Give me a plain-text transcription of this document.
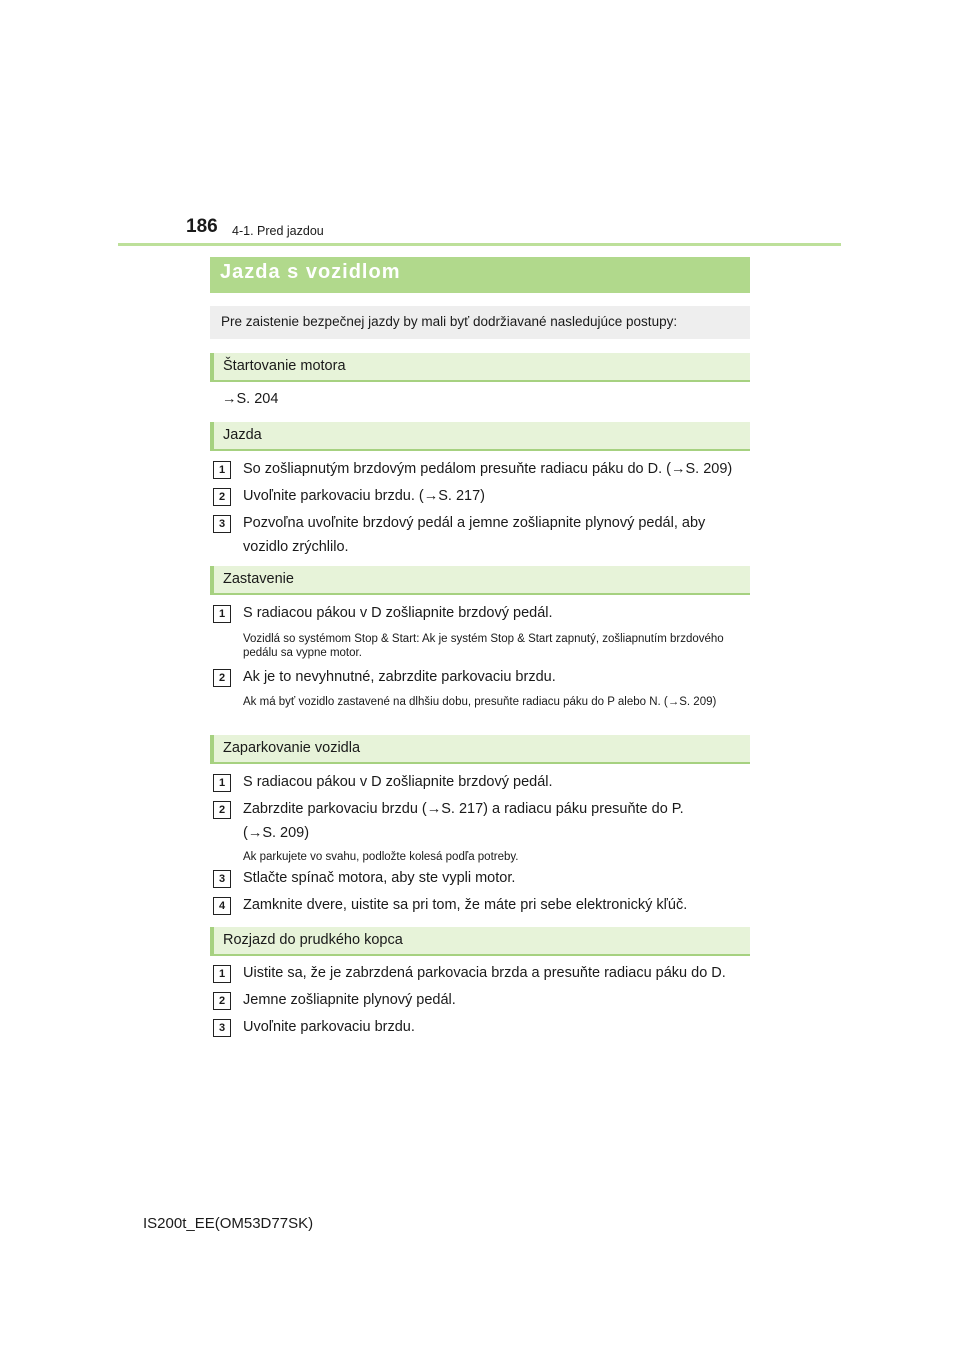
186 4-1. Pred jazdou
Jazda s vozidlom
Pre zaistenie bezpečnej jazdy by mali byť dodržiavané nasledujúce postupy:
Štartovanie motora
→S. 204
Jazda
1	So zošliapnutým brzdovým pedálom presuňte radiacu páku do D. (→S. 209)
2	Uvoľnite parkovaciu brzdu. (→S. 217)
3	Pozvoľna uvoľnite brzdový pedál a jemne zošliapnite plynový pedál, aby vozidlo zrýchlilo.
Zastavenie
1	S radiacou pákou v D zošliapnite brzdový pedál.
Vozidlá so systémom Stop & Start: Ak je systém Stop & Start zapnutý, zošliapnutím brzdového pedálu sa vypne motor.
2	Ak je to nevyhnutné, zabrzdite parkovaciu brzdu.
Ak má byť vozidlo zastavené na dlhšiu dobu, presuňte radiacu páku do P alebo N. (→S. 209)
Zaparkovanie vozidla
1	S radiacou pákou v D zošliapnite brzdový pedál.
2	Zabrzdite parkovaciu brzdu (→S. 217) a radiacu páku presuňte do P. (→S. 209)
Ak parkujete vo svahu, podložte kolesá podľa potreby.
3	Stlačte spínač motora, aby ste vypli motor.
4	Zamknite dvere, uistite sa pri tom, že máte pri sebe elektronický kľúč.
Rozjazd do prudkého kopca
1	Uistite sa, že je zabrzdená parkovacia brzda a presuňte radiacu páku do D.
2	Jemne zošliapnite plynový pedál.
3	Uvoľnite parkovaciu brzdu.
IS200t_EE(OM53D77SK)
